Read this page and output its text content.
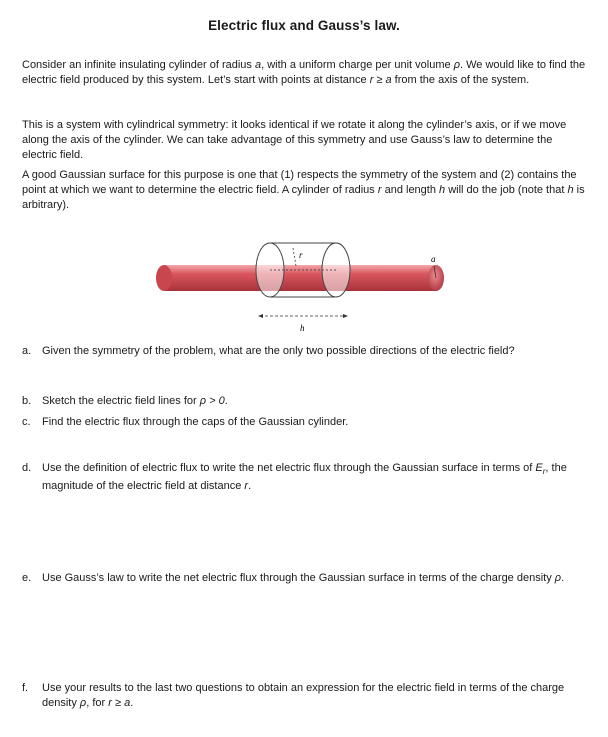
Electric flux and Gauss’s law.

Consider an infinite insulating cylinder of radius a, with a uniform charge per unit volume ρ. We would like to find the electric field produced by this system. Let’s start with points at distance r ≥ a from the axis of the system.

This is a system with cylindrical symmetry: it looks identical if we rotate it along the cylinder’s axis, or if we move along the axis of the cylinder. We can take advantage of this symmetry and use Gauss’s law to determine the electric field.

A good Gaussian surface for this purpose is one that (1) respects the symmetry of the system and (2) contains the point at which we want to determine the electric field. A cylinder of radius r and length h will do the job (note that h is arbitrary).

a
r
h
a. Given the symmetry of the problem, what are the only two possible directions of the electric field?
b. Sketch the electric field lines for ρ > 0.
c.	Find the electric flux through the caps of the Gaussian cylinder.
d. Use the definition of electric flux to write the net electric flux through the Gaussian surface in terms of $E_r$, the magnitude of the electric field at distance r.
e. Use Gauss’s law to write the net electric flux through the Gaussian surface in terms of the charge density ρ.
f.	Use your results to the last two questions to obtain an expression for the electric field in terms of the charge density ρ, for r ≥ a.
